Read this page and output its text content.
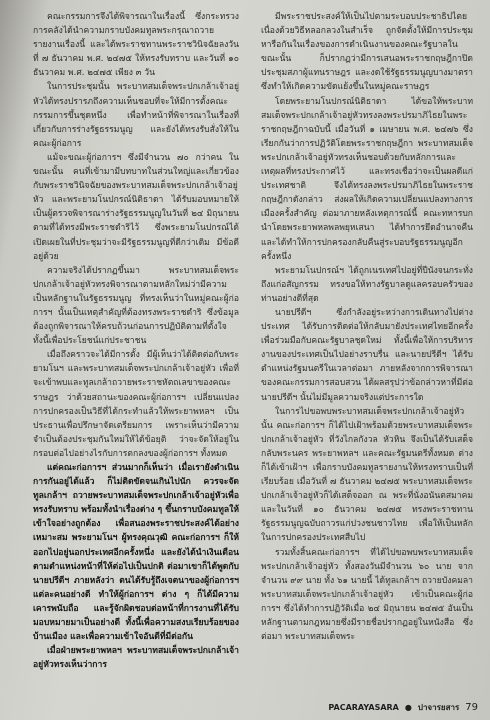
คณะกรรมการจึงได้พิจารณาในเรื่องนี้ ซึ่งกระทรวงการคลังได้นำความกราบบังคมทูลพระกรุณาถวายรายงานเรื่องนี้ และได้พระราชทานพระราชวินิจฉัยลงวันที่ ๗ ธันวาคม พ.ศ. ๒๔๗๕ ให้ทรงรับทราบ และวันที่ ๑๐ ธันวาคม พ.ศ. ๒๔๗๕ เพียง ๓ วัน

ในการประชุมนั้น พระบาทสมเด็จพระปกเกล้าเจ้าอยู่หัวได้ทรงปรารภถึงความเห็นชอบที่จะให้มีการตั้งคณะกรรมการขึ้นชุดหนึ่ง เพื่อทำหน้าที่พิจารณาในเรื่องที่เกี่ยวกับการร่างรัฐธรรมนูญ และยังได้ทรงรับสั่งให้ในคณะผู้ก่อการ

แม้จะขณะผู้ก่อการฯ ซึ่งมีจำนวน ๗๐ กว่าคน ในขณะนั้น คนที่เข้ามามีบทบาทในส่วนใหญ่และเกี่ยวข้องกับพระราชวินิจฉัยของพระบาทสมเด็จพระปกเกล้าเจ้าอยู่หัว และพระยามโนปกรณ์นิติธาดา ได้รับมอบหมายให้เป็นผู้ตรวจพิจารณาร่างรัฐธรรมนูญในวันที่ ๒๔ มิถุนายน ตามที่ได้ทรงมีพระราชดำริไว้ ซึ่งพระยามโนปกรณ์ได้เปิดเผยในที่ประชุมว่าจะมีรัฐธรรมนูญที่ดีกว่าเดิม มีข้อดีอยู่ด้วย

ความจริงได้ปรากฏขึ้นมา พระบาทสมเด็จพระปกเกล้าเจ้าอยู่หัวทรงพิจารณาตามหลักใหม่ว่ามีความเป็นหลักฐานในรัฐธรรมนูญ ที่ทรงเห็นว่าในหมู่คณะผู้ก่อการฯ นั้นเป็นเหตุสำคัญที่ต้องทรงพระราชดำริ ซึ่งข้อมูลต้องถูกพิจารณาให้ครบถ้วนก่อนการปฏิบัติตามที่ตั้งใจ ทั้งนี้เพื่อประโยชน์แก่ประชาชน

เมื่อถึงคราวจะได้มีการตั้ง มีผู้เห็นว่าได้ติดต่อกับพระยามโนฯ และพระบาทสมเด็จพระปกเกล้าเจ้าอยู่หัว เพื่อที่จะเข้าพบและทูลเกล้าถวายพระราชหัตถเลขาของคณะราษฎร ว่าด้วยสถานะของคณะผู้ก่อการฯ เปลี่ยนแปลงการปกครองเป็นวิธีที่ได้กระทำแล้วให้พระยาพหลฯ เป็นประธานเพื่อปรึกษาจัดเตรียมการ เพราะเห็นว่ามีความจำเป็นต้องประชุมกันใหม่ให้ได้ข้อยุติ ว่าจะจัดให้อยู่ในกรอบต่อไปอย่างไรกับการตกลงของผู้ก่อการฯ ทั้งหมด

แต่คณะก่อการฯ ส่วนมากก็เห็นว่า เมื่อเรายังดำเนินการกันอยู่ได้แล้ว ก็ไม่ติดขัดจนเกินไปนัก ควรจะจัดทูลเกล้าฯ ถวายพระบาทสมเด็จพระปกเกล้าเจ้าอยู่หัวเพื่อทรงรับทราบ พร้อมทั้งนำเรื่องต่าง ๆ ขึ้นกราบบังคมทูลให้เข้าใจอย่างถูกต้อง เพื่อสนองพระราชประสงค์ได้อย่างเหมาะสม พระยามโนฯ ผู้ทรงคุณวุฒิ คณะก่อการฯ ก็ให้ออกไปอยู่นอกประเทศอีกครั้งหนึ่ง และยังได้นำเงินเดือนตามตำแหน่งหน้าที่ให้ต่อไปเป็นปกติ ต่อมาเขาก็ได้พูดกับนายปรีดีฯ ภายหลังว่า ตนได้รับรู้ถึงเจตนาของผู้ก่อการฯ แต่ละคนอย่างดี ทำให้ผู้ก่อการฯ ต่าง ๆ ก็ได้มีความเคารพนับถือ และรู้จักผิดชอบต่อหน้าที่การงานที่ได้รับมอบหมายมาเป็นอย่างดี ทั้งนี้เพื่อความสงบเรียบร้อยของบ้านเมือง และเพื่อความเข้าใจอันดีที่มีต่อกัน

เมื่อฝ่ายพระยาพหลฯ พระบาทสมเด็จพระปกเกล้าเจ้าอยู่หัวทรงเห็นว่าการ

มีพระราชประสงค์ให้เป็นไปตามระบอบประชาธิปไตย เนื่องด้วยวิธีหลอกลวงในสำเร็จ ถูกจัดตั้งให้มีการประชุมหารือกันในเรื่องของการดำเนินงานของคณะรัฐบาลในขณะนั้น ก็ปรากฏว่ามีการเสนอพระราชกฤษฎีกาปิดประชุมสภาผู้แทนราษฎร และงดใช้รัฐธรรมนูญบางมาตรา ซึ่งทำให้เกิดความขัดแย้งขึ้นในหมู่คณะราษฎร

โดยพระยามโนปกรณ์นิติธาดา ได้ขอให้พระบาทสมเด็จพระปกเกล้าเจ้าอยู่หัวทรงลงพระปรมาภิไธยในพระราชกฤษฎีกาฉบับนี้ เมื่อวันที่ ๑ เมษายน พ.ศ. ๒๔๗๖ ซึ่งเรียกกันว่าการปฏิวัติโดยพระราชกฤษฎีกา พระบาทสมเด็จพระปกเกล้าเจ้าอยู่หัวทรงเห็นชอบด้วยกับหลักการและเหตุผลที่ทรงประกาศไว้ และทรงเชื่อว่าจะเป็นผลดีแก่ประเทศชาติ จึงได้ทรงลงพระปรมาภิไธยในพระราชกฤษฎีกาดังกล่าว ส่งผลให้เกิดความเปลี่ยนแปลงทางการเมืองครั้งสำคัญ ต่อมาภายหลังเหตุการณ์นี้ คณะทหารบกนำโดยพระยาพหลพลพยุหเสนา ได้ทำการยึดอำนาจคืน และได้ทำให้การปกครองกลับคืนสู่ระบอบรัฐธรรมนูญอีกครั้งหนึ่ง

พระยามโนปกรณ์ฯ ได้ถูกเนรเทศไปอยู่ที่ปีนังจนกระทั่งถึงแก่อสัญกรรม ทรงขอให้ทางรัฐบาลดูแลครอบครัวของท่านอย่างดีที่สุด

นายปรีดีฯ ซึ่งกำลังอยู่ระหว่างการเดินทางไปต่างประเทศ ได้รับการติดต่อให้กลับมายังประเทศไทยอีกครั้ง เพื่อร่วมมือกับคณะรัฐบาลชุดใหม่ ทั้งนี้เพื่อให้การบริหารงานของประเทศเป็นไปอย่างราบรื่น และนายปรีดีฯ ได้รับตำแหน่งรัฐมนตรีในเวลาต่อมา ภายหลังจากการพิจารณาของคณะกรรมการสอบสวน ได้ผลสรุปว่าข้อกล่าวหาที่มีต่อนายปรีดีฯ นั้นไม่มีมูลความจริงแต่ประการใด

ในการไปขอพบพระบาทสมเด็จพระปกเกล้าเจ้าอยู่หัว นั้น คณะก่อการฯ ก็ได้ไปเฝ้าพร้อมด้วยพระบาทสมเด็จพระปกเกล้าเจ้าอยู่หัว ที่วังไกลกังวล หัวหิน จึงเป็นได้รับเสด็จกลับพระนคร พระยาพหลฯ และคณะรัฐมนตรีทั้งหมด ต่างก็ได้เข้าเฝ้าฯ เพื่อกราบบังคมทูลรายงานให้ทรงทราบเป็นที่เรียบร้อย เมื่อวันที่ ๗ ธันวาคม ๒๔๗๕ พระบาทสมเด็จพระปกเกล้าเจ้าอยู่หัวก็ได้เสด็จออก ณ พระที่นั่งอนันตสมาคม และในวันที่ ๑๐ ธันวาคม ๒๔๗๕ ทรงพระราชทานรัฐธรรมนูญฉบับถาวรแก่ปวงชนชาวไทย เพื่อให้เป็นหลักในการปกครองประเทศสืบไป

รวมทั้งสิ้นคณะก่อการฯ ที่ได้ไปขอพบพระบาทสมเด็จพระปกเกล้าเจ้าอยู่หัว ทั้งสองวันมีจำนวน ๖๐ นาย จากจำนวน ๙๙ นาย ทั้ง ๖๑ นายนี้ ได้ทูลเกล้าฯ ถวายบังคมลาพระบาทสมเด็จพระปกเกล้าเจ้าอยู่หัว เข้าเป็นคณะผู้ก่อการฯ ซึ่งได้ทำการปฏิวัติเมื่อ ๒๔ มิถุนายน ๒๔๗๕ อันเป็นหลักฐานตามกฎหมายซึ่งมีรายชื่อปรากฏอยู่ในหนังสือ ซึ่งต่อมา พระบาทสมเด็จพระ

PACARAYASARA ● ปาจารยสาร 79
